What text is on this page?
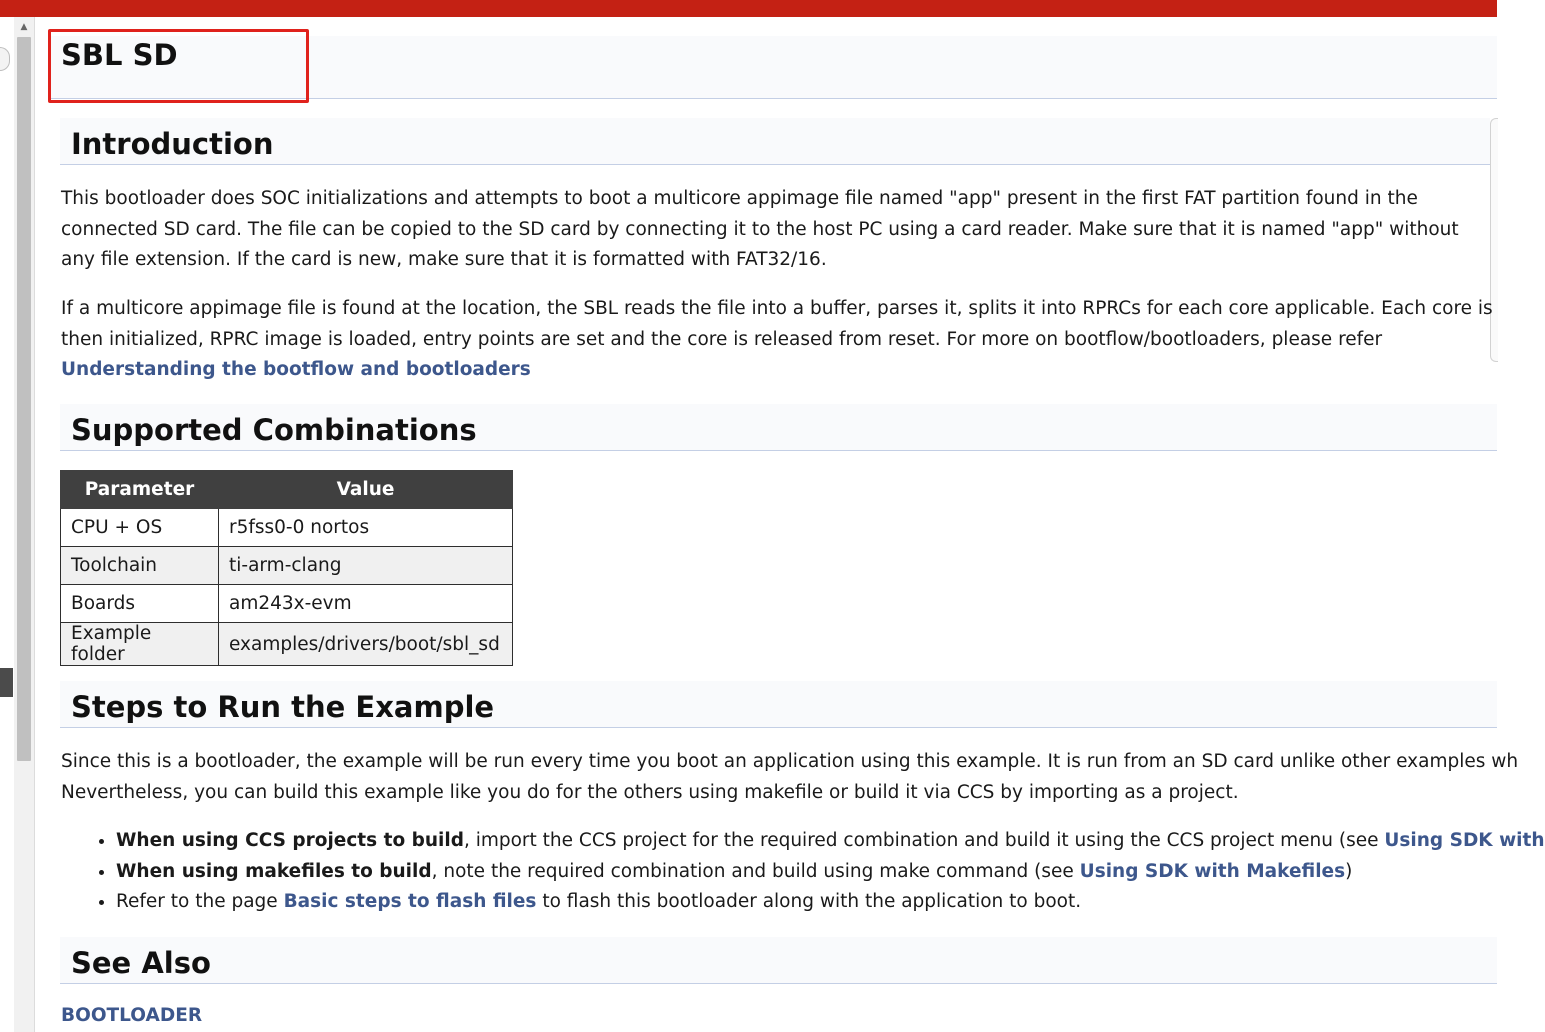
▲
SBL SD
Introduction
This bootloader does SOC initializations and attempts to boot a multicore appimage file named "app" present in the first FAT partition found in the
connected SD card. The file can be copied to the SD card by connecting it to the host PC using a card reader. Make sure that it is named "app" without
any file extension. If the card is new, make sure that it is formatted with FAT32/16.
If a multicore appimage file is found at the location, the SBL reads the file into a buffer, parses it, splits it into RPRCs for each core applicable. Each core is
then initialized, RPRC image is loaded, entry points are set and the core is released from reset. For more on bootflow/bootloaders, please refer
Understanding the bootflow and bootloaders
Supported Combinations
Parameter	Value
CPU + OS	r5fss0-0 nortos
Toolchain	ti-arm-clang
Boards	am243x-evm
Example folder	examples/drivers/boot/sbl_sd
Steps to Run the Example
Since this is a bootloader, the example will be run every time you boot an application using this example. It is run from an SD card unlike other examples wh
Nevertheless, you can build this example like you do for the others using makefile or build it via CCS by importing as a project.
• When using CCS projects to build, import the CCS project for the required combination and build it using the CCS project menu (see Using SDK with
• When using makefiles to build, note the required combination and build using make command (see Using SDK with Makefiles)
• Refer to the page Basic steps to flash files to flash this bootloader along with the application to boot.
See Also
BOOTLOADER
